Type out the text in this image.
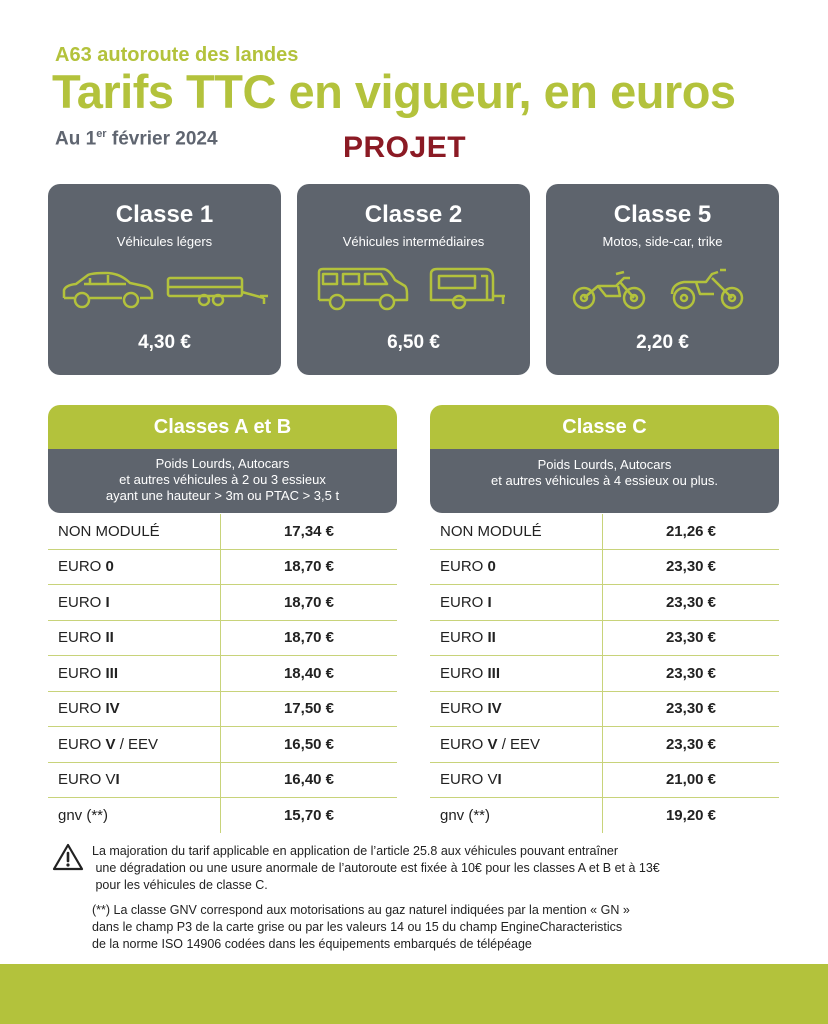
A63 autoroute des landes
Tarifs TTC en vigueur, en euros
Au 1er février 2024	PROJET
Classe 1
Véhicules légers
4,30 €
Classe 2
Véhicules intermédiaires
6,50 €
Classe 5
Motos, side-car, trike
2,20 €
Classes A et B
Poids Lourds, Autocars
et autres véhicules à 2 ou 3 essieux
ayant une hauteur > 3m ou PTAC > 3,5 t
NON MODULÉ	17,34 €
EURO 0	18,70 €
EURO I	18,70 €
EURO II	18,70 €
EURO III	18,40 €
EURO IV	17,50 €
EURO V / EEV	16,50 €
EURO VI	16,40 €
gnv (**)	15,70 €
Classe C
Poids Lourds, Autocars
et autres véhicules à 4 essieux ou plus.
NON MODULÉ	21,26 €
EURO 0	23,30 €
EURO I	23,30 €
EURO II	23,30 €
EURO III	23,30 €
EURO IV	23,30 €
EURO V / EEV	23,30 €
EURO VI	21,00 €
gnv (**)	19,20 €
La majoration du tarif applicable en application de l’article 25.8 aux véhicules pouvant entraîner
une dégradation ou une usure anormale de l’autoroute est fixée à 10€ pour les classes A et B et à 13€
pour les véhicules de classe C.
(**) La classe GNV correspond aux motorisations au gaz naturel indiquées par la mention « GN »
dans le champ P3 de la carte grise ou par les valeurs 14 ou 15 du champ EngineCharacteristics
de la norme ISO 14906 codées dans les équipements embarqués de télépéage
